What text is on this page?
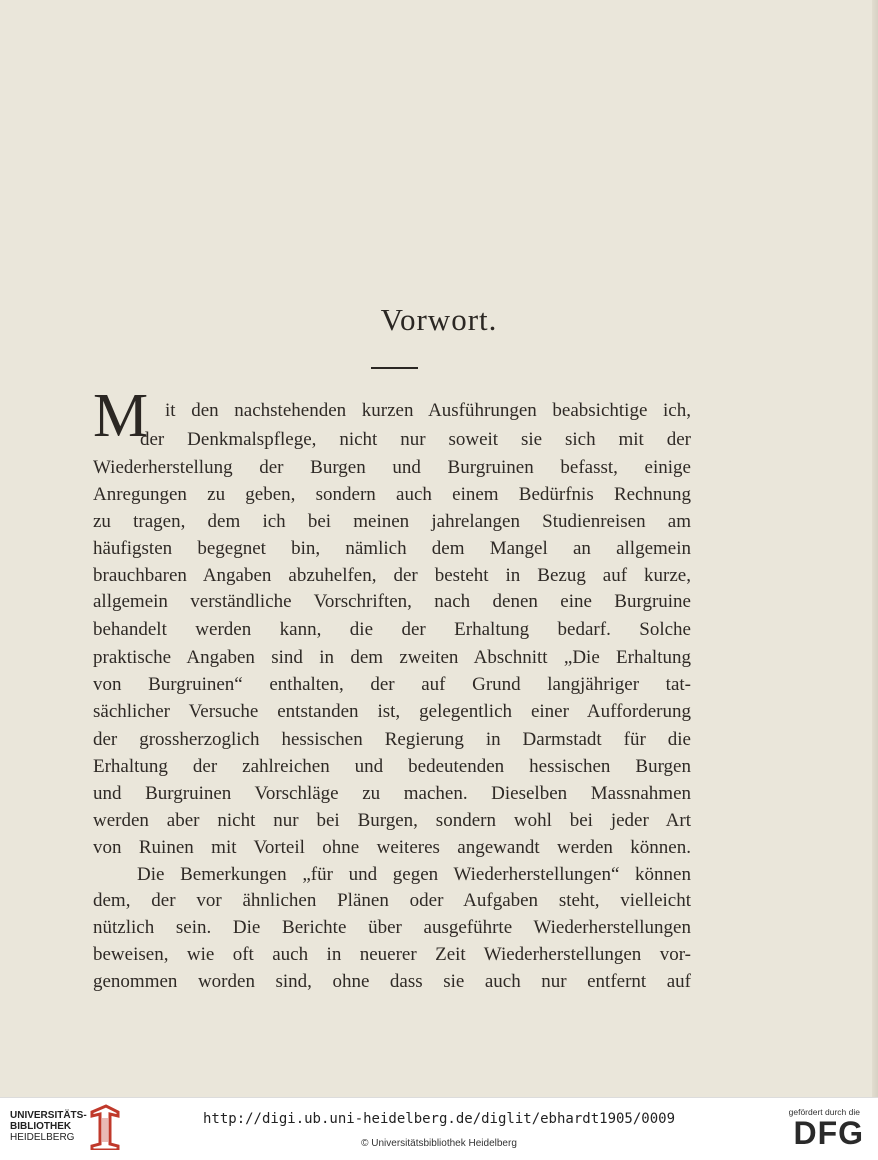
Vorwort.
M it den nachstehenden kurzen Ausführungen beabsichtige ich,
der Denkmalspflege, nicht nur soweit sie sich mit der
Wiederherstellung der Burgen und Burgruinen befasst, einige
Anregungen zu geben, sondern auch einem Bedürfnis Rechnung
zu tragen, dem ich bei meinen jahrelangen Studienreisen am
häufigsten begegnet bin, nämlich dem Mangel an allgemein
brauchbaren Angaben abzuhelfen, der besteht in Bezug auf kurze,
allgemein verständliche Vorschriften, nach denen eine Burgruine
behandelt werden kann, die der Erhaltung bedarf. Solche
praktische Angaben sind in dem zweiten Abschnitt „Die Erhaltung
von Burgruinen“ enthalten, der auf Grund langjähriger tat-
sächlicher Versuche entstanden ist, gelegentlich einer Aufforderung
der grossherzoglich hessischen Regierung in Darmstadt für die
Erhaltung der zahlreichen und bedeutenden hessischen Burgen
und Burgruinen Vorschläge zu machen. Dieselben Massnahmen
werden aber nicht nur bei Burgen, sondern wohl bei jeder Art
von Ruinen mit Vorteil ohne weiteres angewandt werden können.
Die Bemerkungen „für und gegen Wiederherstellungen“ können
dem, der vor ähnlichen Plänen oder Aufgaben steht, vielleicht
nützlich sein. Die Berichte über ausgeführte Wiederherstellungen
beweisen, wie oft auch in neuerer Zeit Wiederherstellungen vor-
genommen worden sind, ohne dass sie auch nur entfernt auf
UNIVERSITÄTS-
BIBLIOTHEK
HEIDELBERG
http://digi.ub.uni-heidelberg.de/diglit/ebhardt1905/0009
© Universitätsbibliothek Heidelberg
gefördert durch die
DFG
